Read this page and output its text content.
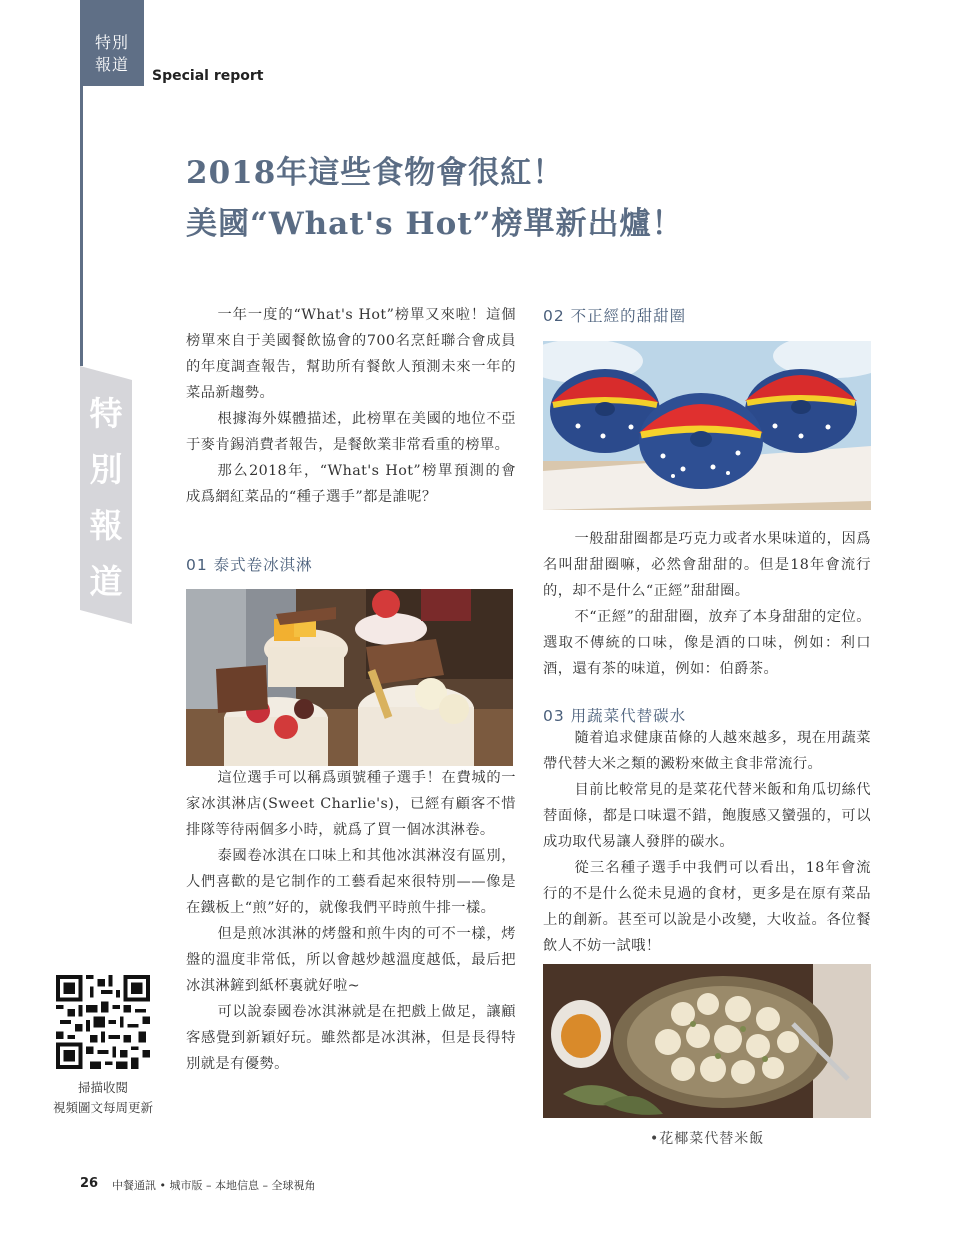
特別
報道
Special report
特
別
報
道
2018年這些食物會很紅！
美國“What's Hot”榜單新出爐！

一年一度的“What's Hot”榜單又來啦！這個榜單來自于美國餐飲協會的700名烹飪聯合會成員的年度調查報告，幫助所有餐飲人預測未來一年的菜品新趨勢。

根據海外媒體描述，此榜單在美國的地位不亞于麥肯錫消費者報告，是餐飲業非常看重的榜單。

那么2018年，“What's Hot”榜單預測的會成爲網紅菜品的“種子選手”都是誰呢？

01 泰式卷冰淇淋

這位選手可以稱爲頭號種子選手！在費城的一家冰淇淋店(Sweet Charlie's)，已經有顧客不惜排隊等待兩個多小時，就爲了買一個冰淇淋卷。

泰國卷冰淇在口味上和其他冰淇淋沒有區別，人們喜歡的是它制作的工藝看起來很特別——像是在鐵板上“煎”好的，就像我們平時煎牛排一樣。

但是煎冰淇淋的烤盤和煎牛肉的可不一樣，烤盤的溫度非常低，所以會越炒越溫度越低，最后把冰淇淋鏟到紙杯裏就好啦~

可以說泰國卷冰淇淋就是在把戲上做足，讓顧客感覺到新穎好玩。雖然都是冰淇淋，但是長得特別就是有優勢。

02 不正經的甜甜圈

一般甜甜圈都是巧克力或者水果味道的，因爲名叫甜甜圈嘛，必然會甜甜的。但是18年會流行的，却不是什么“正經”甜甜圈。

不“正經”的甜甜圈，放弃了本身甜甜的定位。選取不傳統的口味，像是酒的口味，例如：利口酒，還有茶的味道，例如：伯爵茶。

03 用蔬菜代替碳水

隨着追求健康苗條的人越來越多，現在用蔬菜帶代替大米之類的澱粉來做主食非常流行。

目前比較常見的是菜花代替米飯和角瓜切絲代替面條，都是口味還不錯，飽腹感又蠻强的，可以成功取代易讓人發胖的碳水。

從三名種子選手中我們可以看出，18年會流行的不是什么從未見過的食材，更多是在原有菜品上的創新。甚至可以說是小改變，大收益。各位餐飲人不妨一試哦！

•花椰菜代替米飯
掃描收閱
視頻圖文每周更新
26 中餐通訊 • 城市版 – 本地信息 – 全球視角
